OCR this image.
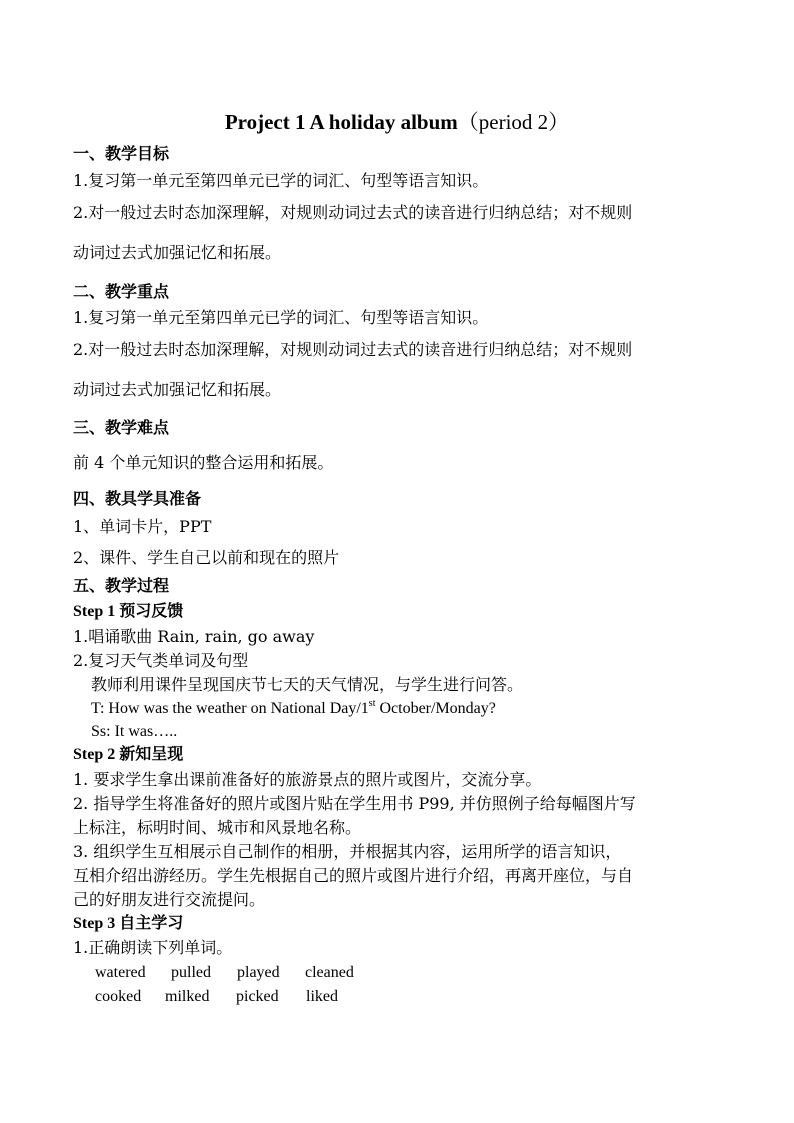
Project 1 A holiday album（period 2）
一、教学目标
1.复习第一单元至第四单元已学的词汇、句型等语言知识。
2.对一般过去时态加深理解，对规则动词过去式的读音进行归纳总结；对不规则
动词过去式加强记忆和拓展。
二、教学重点
1.复习第一单元至第四单元已学的词汇、句型等语言知识。
2.对一般过去时态加深理解，对规则动词过去式的读音进行归纳总结；对不规则
动词过去式加强记忆和拓展。
三、教学难点
前 4 个单元知识的整合运用和拓展。
四、教具学具准备
1、单词卡片，PPT
2、课件、学生自己以前和现在的照片
五、教学过程
Step 1 预习反馈
1.唱诵歌曲 Rain, rain, go away
2.复习天气类单词及句型
教师利用课件呈现国庆节七天的天气情况，与学生进行问答。
T: How was the weather on National Day/1st October/Monday?
Ss: It was…..
Step 2 新知呈现
1. 要求学生拿出课前准备好的旅游景点的照片或图片，交流分享。
2. 指导学生将准备好的照片或图片贴在学生用书 P99, 并仿照例子给每幅图片写
上标注，标明时间、城市和风景地名称。
3. 组织学生互相展示自己制作的相册，并根据其内容，运用所学的语言知识，
互相介绍出游经历。学生先根据自己的照片或图片进行介绍，再离开座位，与自
己的好朋友进行交流提问。
Step 3 自主学习
1.正确朗读下列单词。
watered pulled played cleaned
cooked milked picked liked
